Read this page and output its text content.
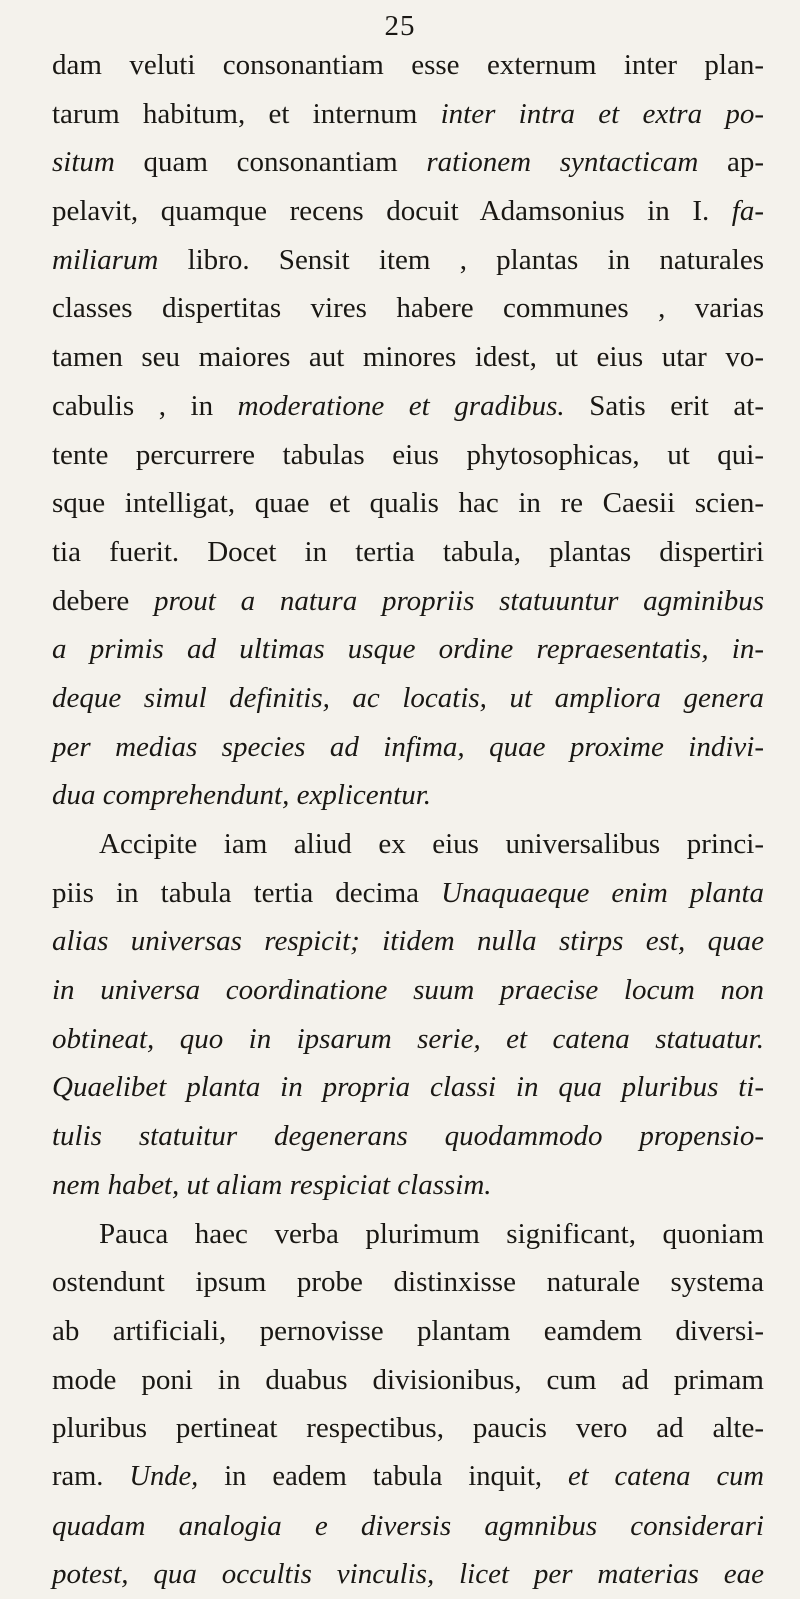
25
dam veluti consonantiam esse externum inter plan-
tarum habitum, et internum inter intra et extra po-
situm quam consonantiam rationem syntacticam ap-
pelavit, quamque recens docuit Adamsonius in I. fa-
miliarum libro. Sensit item , plantas in naturales
classes dispertitas vires habere communes , varias
tamen seu maiores aut minores idest, ut eius utar vo-
cabulis , in moderatione et gradibus. Satis erit at-
tente percurrere tabulas eius phytosophicas, ut qui-
sque intelligat, quae et qualis hac in re Caesii scien-
tia fuerit. Docet in tertia tabula, plantas dispertiri
debere prout a natura propriis statuuntur agminibus
a primis ad ultimas usque ordine repraesentatis, in-
deque simul definitis, ac locatis, ut ampliora genera
per medias species ad infima, quae proxime indivi-
dua comprehendunt, explicentur.
Accipite iam aliud ex eius universalibus princi-
piis in tabula tertia decima Unaquaeque enim planta
alias universas respicit; itidem nulla stirps est, quae
in universa coordinatione suum praecise locum non
obtineat, quo in ipsarum serie, et catena statuatur.
Quaelibet planta in propria classi in qua pluribus ti-
tulis statuitur degenerans quodammodo propensio-
nem habet, ut aliam respiciat classim.
Pauca haec verba plurimum significant, quoniam
ostendunt ipsum probe distinxisse naturale systema
ab artificiali, pernovisse plantam eamdem diversi-
mode poni in duabus divisionibus, cum ad primam
pluribus pertineat respectibus, paucis vero ad alte-
ram. Unde, in eadem tabula inquit, et catena cum
quadam analogia e diversis agmnibus considerari
potest, qua occultis vinculis, licet per materias eae
